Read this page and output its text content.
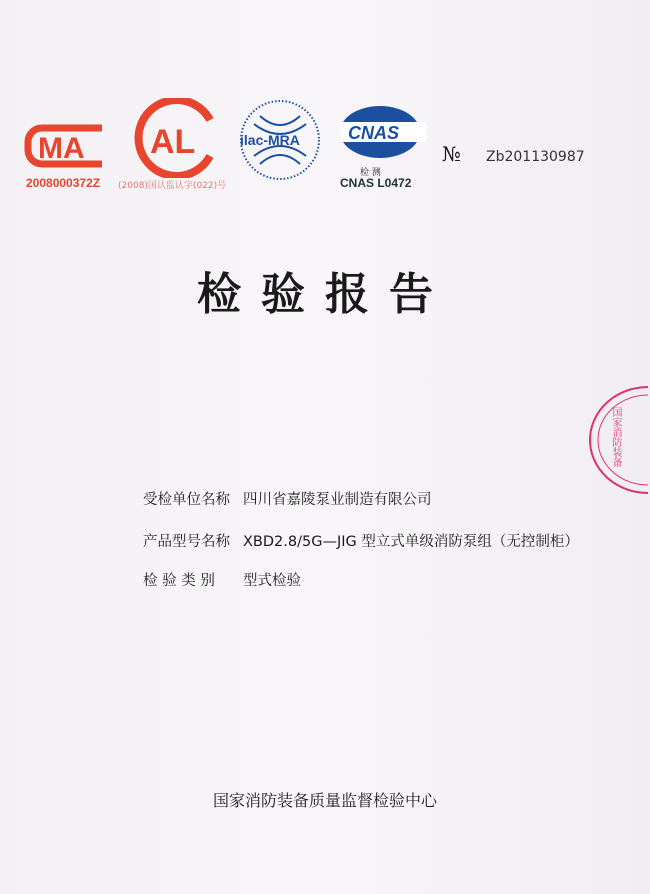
MA
2008000372Z
AL
(2008)国认监认字(022)号
ilac-MRA	CNAS
检 测
CNAS L0472
№ Zb201130987
检验报告
受检单位名称 四川省嘉陵泵业制造有限公司
产品型号名称 XBD2.8/5G—JIG 型立式单级消防泵组（无控制柜）
检 验 类 别 型式检验
国家消防装备
国家消防装备质量监督检验中心
